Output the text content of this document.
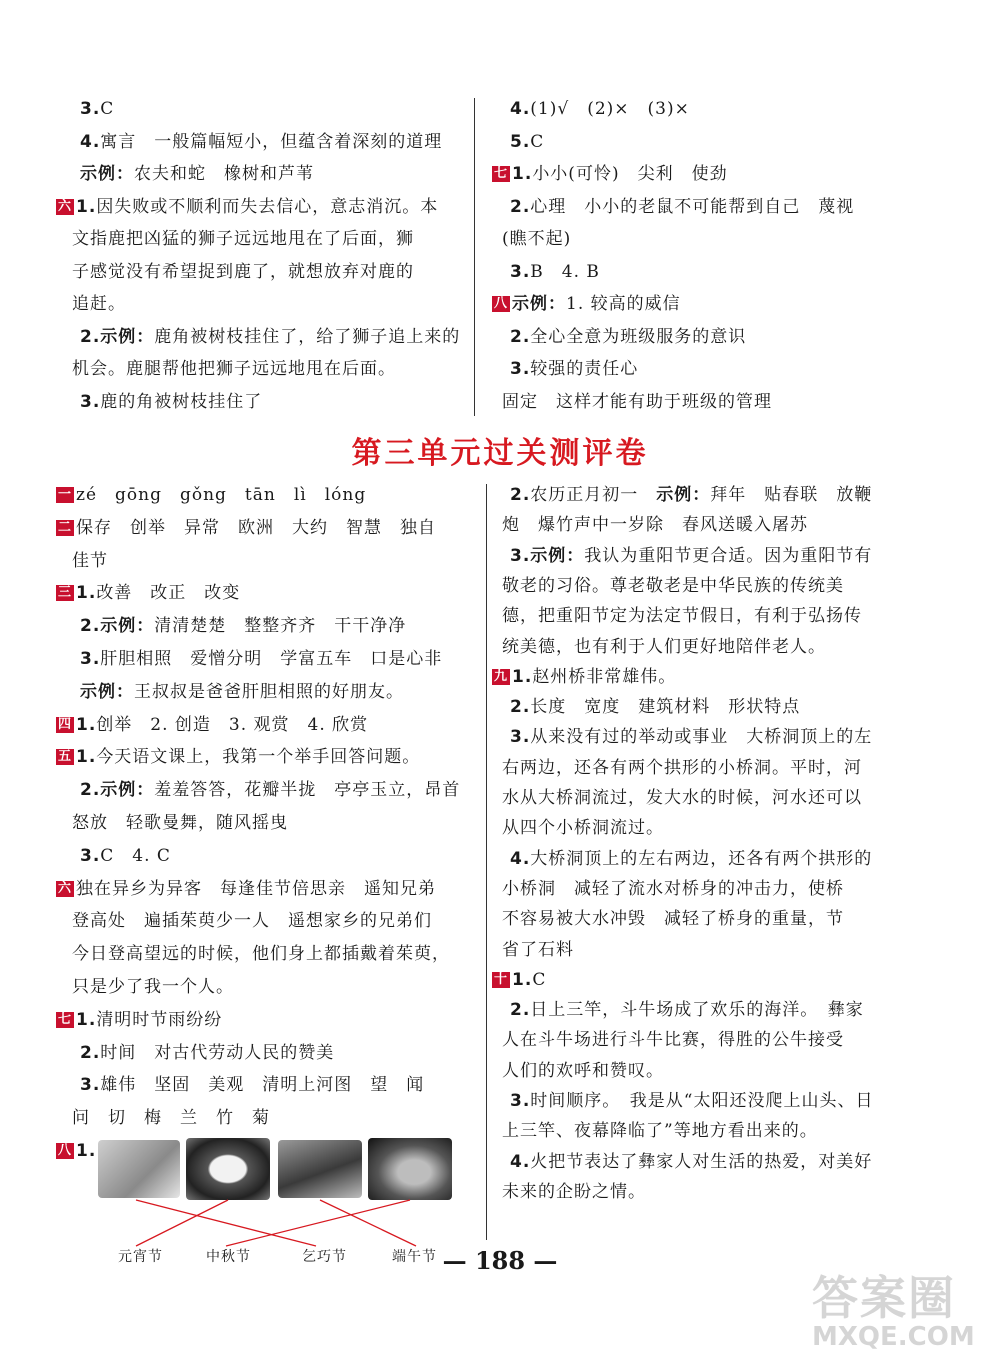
3.C
4.寓言　一般篇幅短小，但蕴含着深刻的道理
示例：农夫和蛇　橡树和芦苇
六 1.因失败或不顺利而失去信心，意志消沉。本
文指鹿把凶猛的狮子远远地甩在了后面，狮
子感觉没有希望捉到鹿了，就想放弃对鹿的
追赶。
2.示例：鹿角被树枝挂住了，给了狮子追上来的
机会。鹿腿帮他把狮子远远地甩在后面。
3.鹿的角被树枝挂住了
4.(1)√　(2)×　(3)×
5.C
七 1.小小(可怜)　尖利　使劲
2.心理　小小的老鼠不可能帮到自己　蔑视
(瞧不起)
3.B　4. B
八 示例：1. 较高的威信
2.全心全意为班级服务的意识
3.较强的责任心
固定　这样才能有助于班级的管理
第三单元过关测评卷
一 zé　gōng　gǒng　tān　lì　lóng
二 保存　创举　异常　欧洲　大约　智慧　独自
佳节
三 1.改善　改正　改变
2.示例：清清楚楚　整整齐齐　干干净净
3.肝胆相照　爱憎分明　学富五车　口是心非
示例：王叔叔是爸爸肝胆相照的好朋友。
四 1.创举　2. 创造　3. 观赏　4. 欣赏
五 1.今天语文课上，我第一个举手回答问题。
2.示例：羞羞答答，花瓣半拢　亭亭玉立，昂首
怒放　轻歌曼舞，随风摇曳
3.C　4. C
六 独在异乡为异客　每逢佳节倍思亲　遥知兄弟
登高处　遍插茱萸少一人　遥想家乡的兄弟们
今日登高望远的时候，他们身上都插戴着茱萸，
只是少了我一个人。
七 1.清明时节雨纷纷
2.时间　对古代劳动人民的赞美
3.雄伟　坚固　美观　清明上河图　望　闻
问　切　梅　兰　竹　菊
八 1.
2.农历正月初一　示例：拜年　贴春联　放鞭
炮　爆竹声中一岁除　春风送暖入屠苏
3.示例：我认为重阳节更合适。因为重阳节有
敬老的习俗。尊老敬老是中华民族的传统美
德，把重阳节定为法定节假日，有利于弘扬传
统美德，也有利于人们更好地陪伴老人。
九 1.赵州桥非常雄伟。
2.长度　宽度　建筑材料　形状特点
3.从来没有过的举动或事业　大桥洞顶上的左
右两边，还各有两个拱形的小桥洞。平时，河
水从大桥洞流过，发大水的时候，河水还可以
从四个小桥洞流过。
4.大桥洞顶上的左右两边，还各有两个拱形的
小桥洞　减轻了流水对桥身的冲击力，使桥
不容易被大水冲毁　减轻了桥身的重量，节
省了石料
十 1.C
2.日上三竿，斗牛场成了欢乐的海洋。　彝家
人在斗牛场进行斗牛比赛，得胜的公牛接受
人们的欢呼和赞叹。
3.时间顺序。　我是从“太阳还没爬上山头、日
上三竿、夜幕降临了”等地方看出来的。
4.火把节表达了彝家人对生活的热爱，对美好
未来的企盼之情。
元宵节	中秋节	乞巧节	端午节 — 188 —
答案圈
MXQE.COM
